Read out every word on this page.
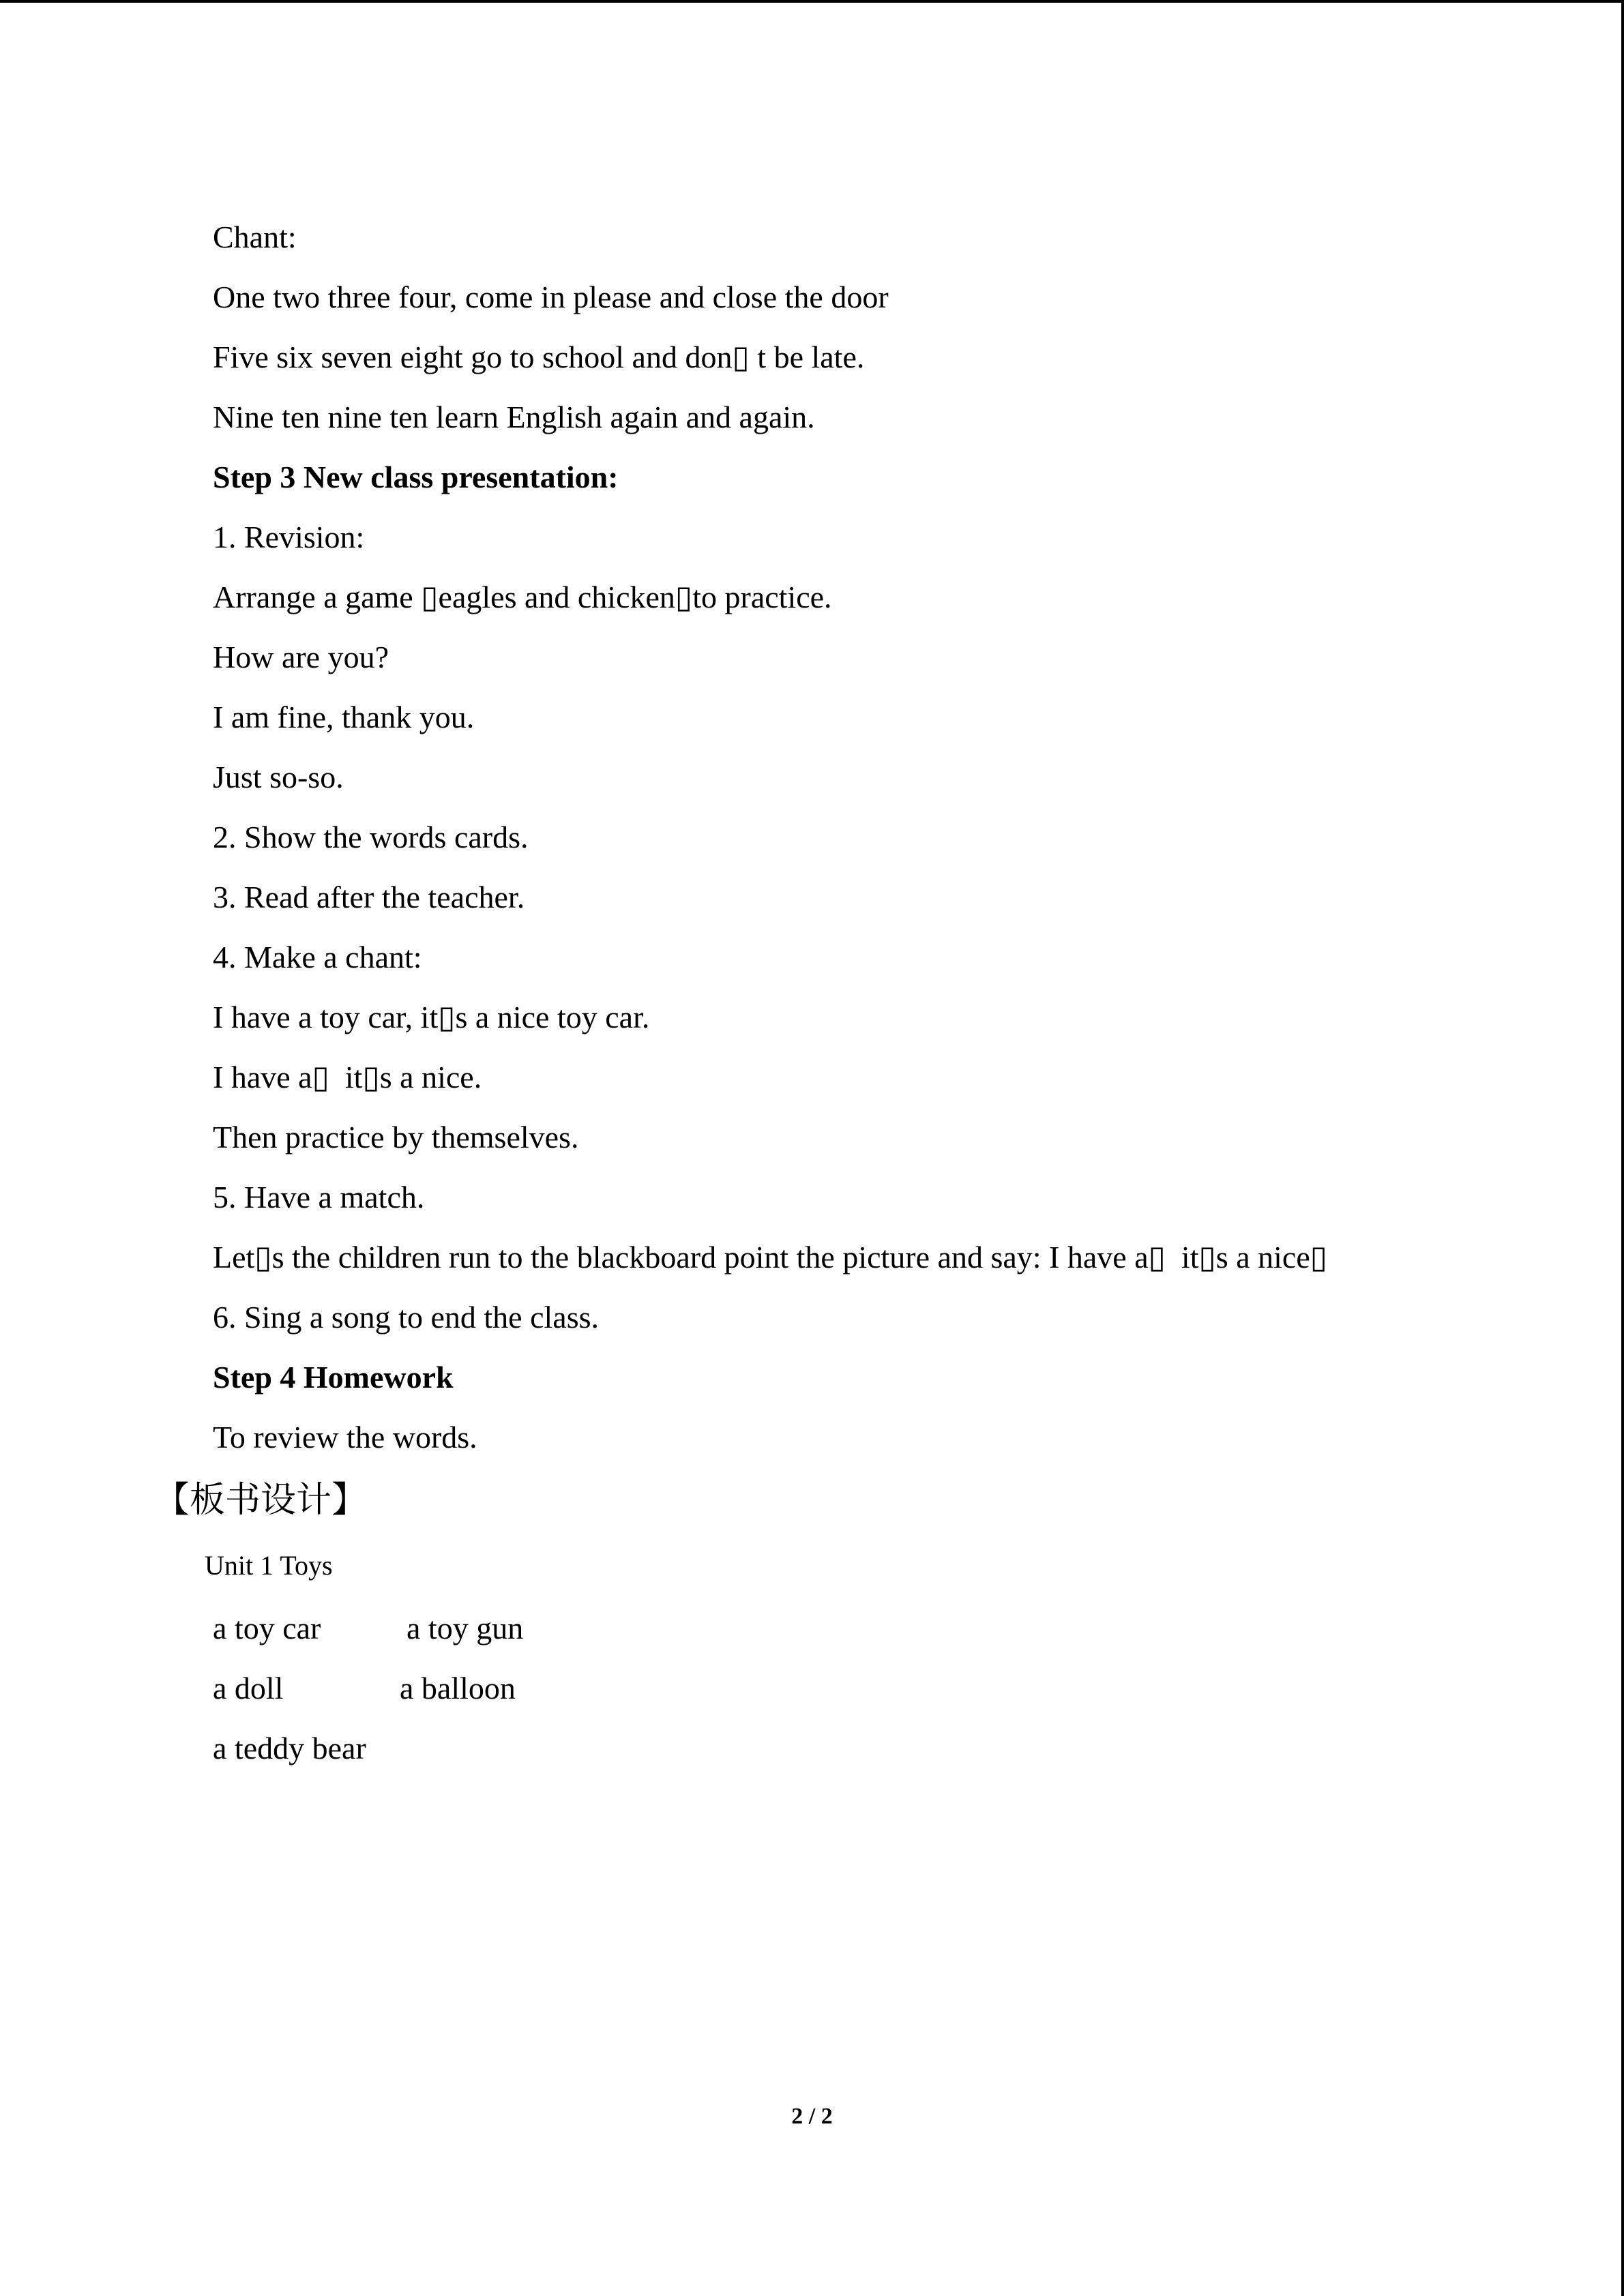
Chant:
One two three four, come in please and close the door
Five six seven eight go to school and don▯ t be late.
Nine ten nine ten learn English again and again.
Step 3 New class presentation:
1. Revision:
Arrange a game ▯eagles and chicken▯to practice.
How are you?
I am fine, thank you.
Just so-so.
2. Show the words cards.
3. Read after the teacher.
4. Make a chant:
I have a toy car, it▯s a nice toy car.
I have a▯  it▯s a nice.
Then practice by themselves.
5. Have a match.
Let▯s the children run to the blackboard point the picture and say: I have a▯  it▯s a nice▯
6. Sing a song to end the class.
Step 4 Homework
To review the words.
【板书设计】
Unit 1 Toys
a toy car	a toy gun
a doll	a balloon
a teddy bear
2 / 2
